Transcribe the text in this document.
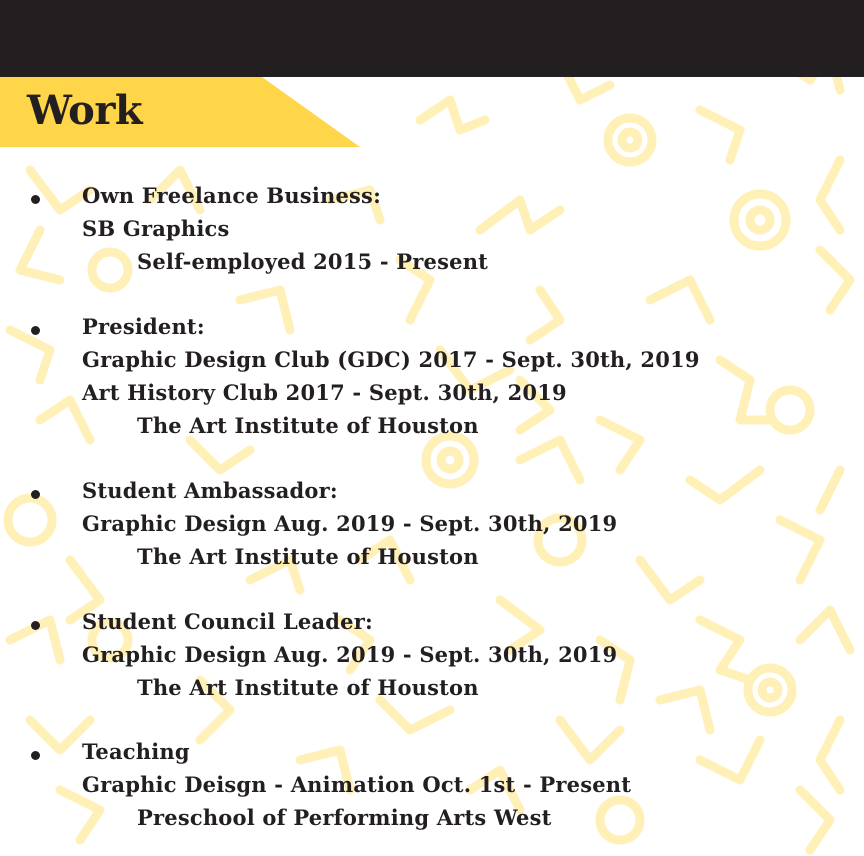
Work
Own Freelance Business:
SB Graphics
Self-employed 2015 - Present
President:
Graphic Design Club (GDC) 2017 - Sept. 30th, 2019
Art History Club 2017 - Sept. 30th, 2019
The Art Institute of Houston
Student Ambassador:
Graphic Design Aug. 2019 - Sept. 30th, 2019
The Art Institute of Houston
Student Council Leader:
Graphic Design Aug. 2019 - Sept. 30th, 2019
The Art Institute of Houston
Teaching
Graphic Deisgn - Animation Oct. 1st - Present
Preschool of Performing Arts West
